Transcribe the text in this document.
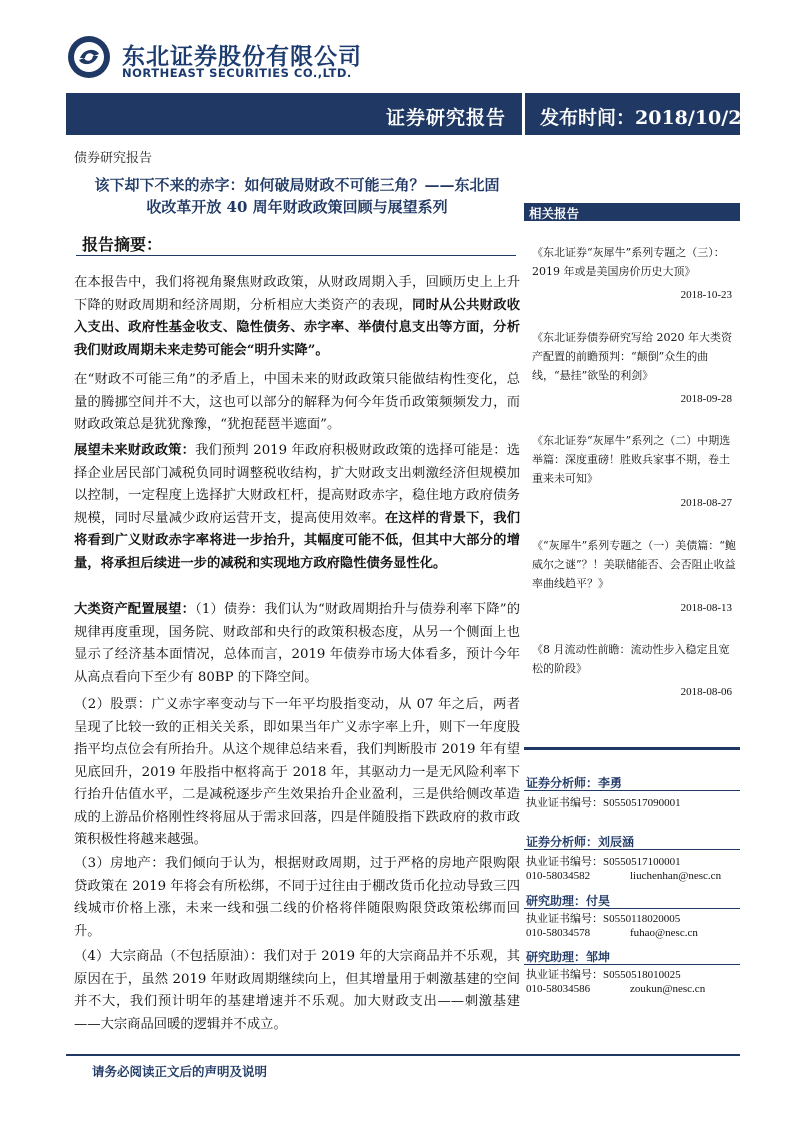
东北证券股份有限公司
NORTHEAST SECURITIES CO.,LTD.
证券研究报告 发布时间：2018/10/23
债券研究报告
该下却下不来的赤字：如何破局财政不可能三角？——东北固
收改革开放 40 周年财政政策回顾与展望系列
报告摘要：
在本报告中，我们将视角聚焦财政政策，从财政周期入手，回顾历史上上升下降的财政周期和经济周期，分析相应大类资产的表现，同时从公共财政收入支出、政府性基金收支、隐性债务、赤字率、举债付息支出等方面，分析我们财政周期未来走势可能会“明升实降”。
在“财政不可能三角”的矛盾上，中国未来的财政政策只能做结构性变化，总量的腾挪空间并不大，这也可以部分的解释为何今年货币政策频频发力，而财政政策总是犹犹豫豫，“犹抱琵琶半遮面”。
展望未来财政政策：我们预判 2019 年政府积极财政政策的选择可能是：选择企业居民部门减税负同时调整税收结构，扩大财政支出刺激经济但规模加以控制，一定程度上选择扩大财政杠杆，提高财政赤字，稳住地方政府债务规模，同时尽量减少政府运营开支，提高使用效率。在这样的背景下，我们将看到广义财政赤字率将进一步抬升，其幅度可能不低，但其中大部分的增量，将承担后续进一步的减税和实现地方政府隐性债务显性化。
大类资产配置展望：（1）债券：我们认为“财政周期抬升与债券利率下降”的规律再度重现，国务院、财政部和央行的政策积极态度，从另一个侧面上也显示了经济基本面情况，总体而言，2019 年债券市场大体看多，预计今年从高点看向下至少有 80BP 的下降空间。
（2）股票：广义赤字率变动与下一年平均股指变动，从 07 年之后，两者呈现了比较一致的正相关关系，即如果当年广义赤字率上升，则下一年度股指平均点位会有所抬升。从这个规律总结来看，我们判断股市 2019 年有望见底回升，2019 年股指中枢将高于 2018 年，其驱动力一是无风险利率下行抬升估值水平，二是减税逐步产生效果抬升企业盈利，三是供给侧改革造成的上游品价格刚性终将屈从于需求回落，四是伴随股指下跌政府的救市政策积极性将越来越强。
（3）房地产：我们倾向于认为，根据财政周期，过于严格的房地产限购限贷政策在 2019 年将会有所松绑，不同于过往由于棚改货币化拉动导致三四线城市价格上涨，未来一线和强二线的价格将伴随限购限贷政策松绑而回升。
（4）大宗商品（不包括原油）：我们对于 2019 年的大宗商品并不乐观，其原因在于，虽然 2019 年财政周期继续向上，但其增量用于刺激基建的空间并不大，我们预计明年的基建增速并不乐观。加大财政支出——刺激基建——大宗商品回暖的逻辑并不成立。
相关报告
《东北证券“灰犀牛”系列专题之（三）：2019 年或是美国房价历史大顶》
2018-10-23
《东北证券债券研究写给 2020 年大类资产配置的前瞻预判：“颠倒”众生的曲线，“悬挂”欲坠的利剑》
2018-09-28
《东北证券“灰犀牛”系列之（二）中期选举篇：深度重磅！胜败兵家事不期，卷土重来未可知》
2018-08-27
《“灰犀牛”系列专题之（一）美债篇：“鲍威尔之谜”？！美联储能否、会否阻止收益率曲线趋平？》
2018-08-13
《8 月流动性前瞻：流动性步入稳定且宽松的阶段》
2018-08-06
证券分析师：李勇
执业证书编号：S0550517090001
证券分析师：刘辰涵
执业证书编号：S0550517100001
010-58034582	liuchenhan@nesc.cn
研究助理：付昊
执业证书编号：S0550118020005
010-58034578	fuhao@nesc.cn
研究助理：邹坤
执业证书编号：S0550518010025
010-58034586	zoukun@nesc.cn
请务必阅读正文后的声明及说明
